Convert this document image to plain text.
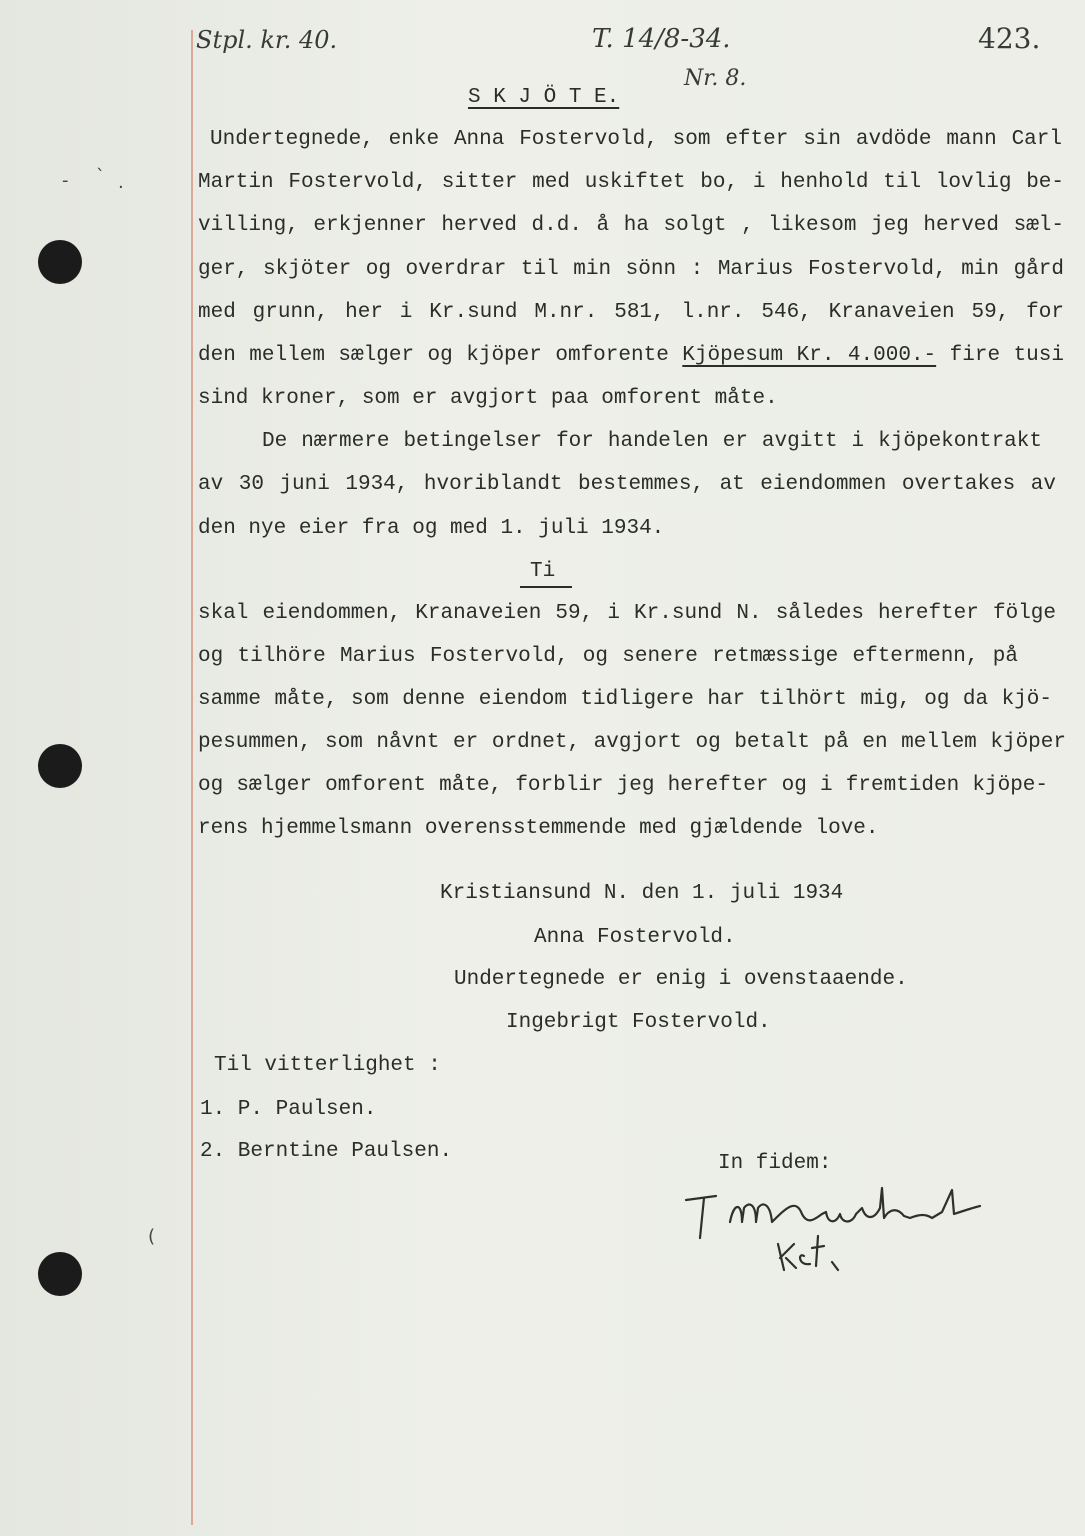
- ` .
(
Stpl. kr. 40.	T. 14/8-34.
Nr. 8.
423.
S K J Ö T E.
Undertegnede, enke Anna Fostervold, som efter sin avdöde mann Carl
Martin Fostervold, sitter med uskiftet bo, i henhold til lovlig be-
villing, erkjenner herved d.d. å ha solgt , likesom jeg herved sæl-
ger, skjöter og overdrar til min sönn : Marius Fostervold, min gård
med grunn, her i Kr.sund M.nr. 581, l.nr. 546, Kranaveien 59, for
den mellem sælger og kjöper omforente Kjöpesum Kr. 4.000.- fire tusi
sind kroner, som er avgjort paa omforent måte.
De nærmere betingelser for handelen er avgitt i kjöpekontrakt
av 30 juni 1934, hvoriblandt bestemmes, at eiendommen overtakes av
den nye eier fra og med 1. juli 1934.
Ti
skal eiendommen, Kranaveien 59, i Kr.sund N. således herefter fölge
og tilhöre Marius Fostervold, og senere retmæssige eftermenn, på
samme måte, som denne eiendom tidligere har tilhört mig, og da kjö-
pesummen, som nåvnt er ordnet, avgjort og betalt på en mellem kjöper
og sælger omforent måte, forblir jeg herefter og i fremtiden kjöpe-
rens hjemmelsmann overensstemmende med gjældende love.
Kristiansund N. den 1. juli 1934
Anna Fostervold.
Undertegnede er enig i ovenstaaende.
Ingebrigt Fostervold.
Til vitterlighet :
1. P. Paulsen.
2. Berntine Paulsen.
In fidem:
